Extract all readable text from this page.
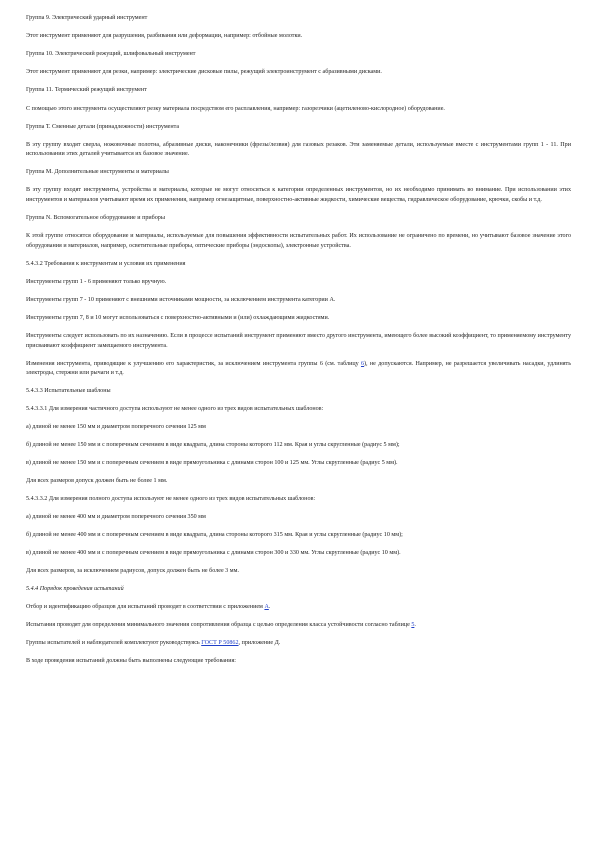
Группа 9. Электрический ударный инструмент

Этот инструмент применяют для разрушения, разбивания или деформации, например: отбойные молотки.

Группа 10. Электрический режущий, шлифовальный инструмент

Этот инструмент применяют для резки, например: электрические дисковые пилы, режущий электроинструмент с абразивными дисками.

Группа 11. Термический режущий инструмент

С помощью этого инструмента осуществляют резку материала посредством его расплавления, например: газорезчики (ацетиленово-кислородное) оборудование.

Группа Т. Сменные детали (принадлежности) инструмента

В эту группу входят сверла, ножовочные полотна, абразивные диски, наконечники (фрезы/лезвия) для газовых резаков. Эти заменяемые детали, используемые вместе с инструментами групп 1 - 11. При использовании этих деталей учитывается их базовое значение.

Группа М. Дополнительные инструменты и материалы

В эту группу входят инструменты, устройства и материалы, которые не могут относиться к категории определенных инструментов, но их необходимо принимать во внимание. При использовании этих инструментов и материалов учитывают время их применения, например огнезащитные, поверхностно-активные жидкости, химические вещества, гидравлическое оборудование, крючки, скобы и т.д.

Группа N. Вспомогательное оборудование и приборы

К этой группе относятся оборудование и материалы, используемые для повышения эффективности испытательных работ. Их использование не ограничено по времени, но учитывают базовое значение этого оборудования и материалов, например, осветительные приборы, оптические приборы (эндоскопы), электронные устройства.

5.4.3.2 Требования к инструментам и условия их применения

Инструменты групп 1 - 6 применяют только вручную.

Инструменты групп 7 - 10 применяют с внешними источниками мощности, за исключением инструмента категории А.

Инструменты групп 7, 8 и 10 могут использоваться с поверхностно-активными и (или) охлаждающими жидкостями.

Инструменты следует использовать по их назначению. Если в процессе испытаний инструмент применяют вместо другого инструмента, имеющего более высокий коэффициент, то применяемому инструменту присваивают коэффициент замещаемого инструмента.

Изменения инструмента, приводящие к улучшению его характеристик, за исключением инструмента группы 6 (см. таблицу 6), не допускаются. Например, не разрешается увеличивать насадки, удлинять электроды, стержни или рычаги и т.д.

5.4.3.3 Испытательные шаблоны

5.4.3.3.1 Для измерения частичного доступа используют не менее одного из трех видов испытательных шаблонов:

а) длиной не менее 150 мм и диаметром поперечного сечения 125 мм

б) длиной не менее 150 мм и с поперечным сечением в виде квадрата, длина стороны которого 112 мм. Края и углы скругленные (радиус 5 мм);

в) длиной не менее 150 мм и с поперечным сечением в виде прямоугольника с длинами сторон 100 и 125 мм. Углы скругленные (радиус 5 мм).

Для всех размеров допуск должен быть не более 1 мм.

5.4.3.3.2 Для измерения полного доступа используют не менее одного из трех видов испытательных шаблонов:

а) длиной не менее 400 мм и диаметром поперечного сечения 350 мм

б) длиной не менее 400 мм и с поперечным сечением в виде квадрата, длина стороны которого 315 мм. Края и углы скругленные (радиус 10 мм);

в) длиной не менее 400 мм и с поперечным сечением в виде прямоугольника с длинами сторон 300 и 330 мм. Углы скругленные (радиус 10 мм).

Для всех размеров, за исключением радиусов, допуск должен быть не более 3 мм.

5.4.4 Порядок проведения испытаний

Отбор и идентификацию образцов для испытаний проводят в соответствии с приложением А.

Испытания проводят для определения минимального значения сопротивления образца с целью определения класса устойчивости согласно таблице 5.

Группы испытателей и наблюдателей комплектуют руководствуясь ГОСТ Р 50862, приложение Д.

В ходе проведения испытаний должны быть выполнены следующие требования:
